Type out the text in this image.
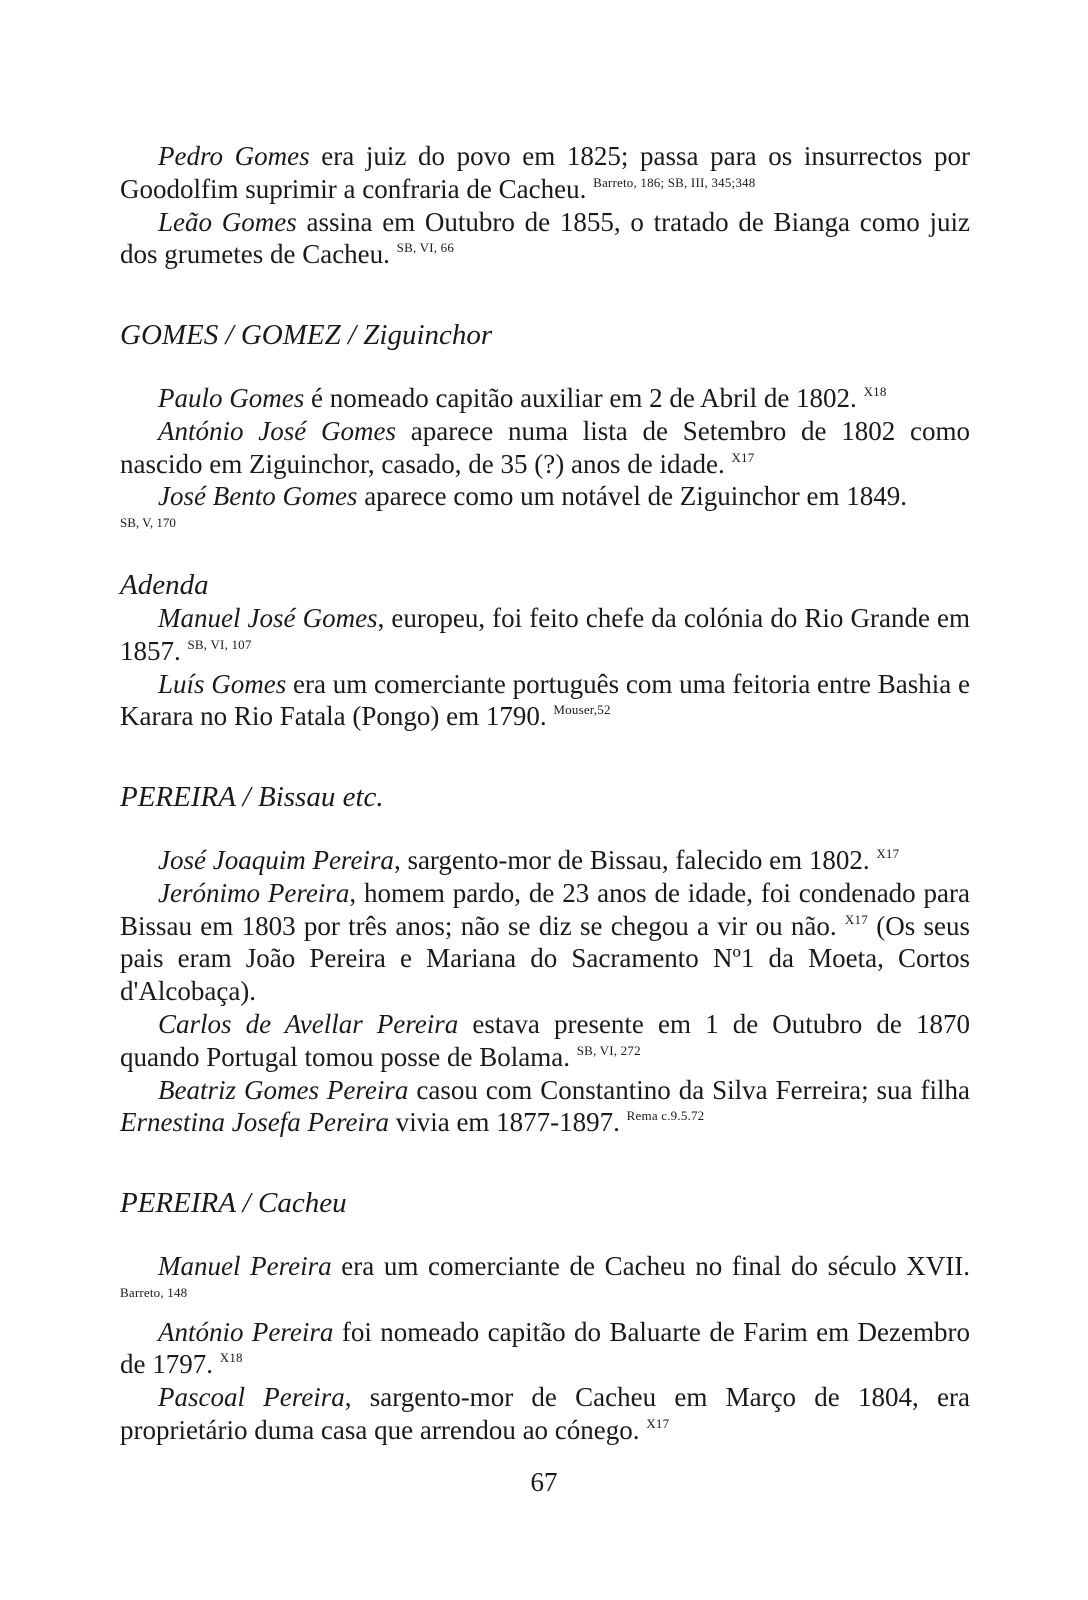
Pedro Gomes era juiz do povo em 1825; passa para os insurrectos por Goodolfim suprimir a confraria de Cacheu. $^{Barreto, 186; SB, III, 345;348}$

Leão Gomes assina em Outubro de 1855, o tratado de Bianga como juiz dos grumetes de Cacheu. $^{SB, VI, 66}$

GOMES / GOMEZ / Ziguinchor

Paulo Gomes é nomeado capitão auxiliar em 2 de Abril de 1802. $^{X18}$

António José Gomes aparece numa lista de Setembro de 1802 como nascido em Ziguinchor, casado, de 35 (?) anos de idade. $^{X17}$

José Bento Gomes aparece como um notável de Ziguinchor em 1849.

SB, V, 170

Adenda

Manuel José Gomes, europeu, foi feito chefe da colónia do Rio Grande em 1857. $^{SB, VI, 107}$

Luís Gomes era um comerciante português com uma feitoria entre Bashia e Karara no Rio Fatala (Pongo) em 1790. $^{Mouser,52}$

PEREIRA / Bissau etc.

José Joaquim Pereira, sargento-mor de Bissau, falecido em 1802. $^{X17}$

Jerónimo Pereira, homem pardo, de 23 anos de idade, foi condenado para Bissau em 1803 por três anos; não se diz se chegou a vir ou não. $^{X17}$ (Os seus pais eram João Pereira e Mariana do Sacramento Nº1 da Moeta, Cortos d'Alcobaça).

Carlos de Avellar Pereira estava presente em 1 de Outubro de 1870 quando Portugal tomou posse de Bolama. $^{SB, VI, 272}$

Beatriz Gomes Pereira casou com Constantino da Silva Ferreira; sua filha Ernestina Josefa Pereira vivia em 1877-1897. $^{Rema c.9.5.72}$

PEREIRA / Cacheu

Manuel Pereira era um comerciante de Cacheu no final do século XVII. $^{Barreto, 148}$

António Pereira foi nomeado capitão do Baluarte de Farim em Dezembro de 1797. $^{X18}$

Pascoal Pereira, sargento-mor de Cacheu em Março de 1804, era proprietário duma casa que arrendou ao cónego. $^{X17}$

67
